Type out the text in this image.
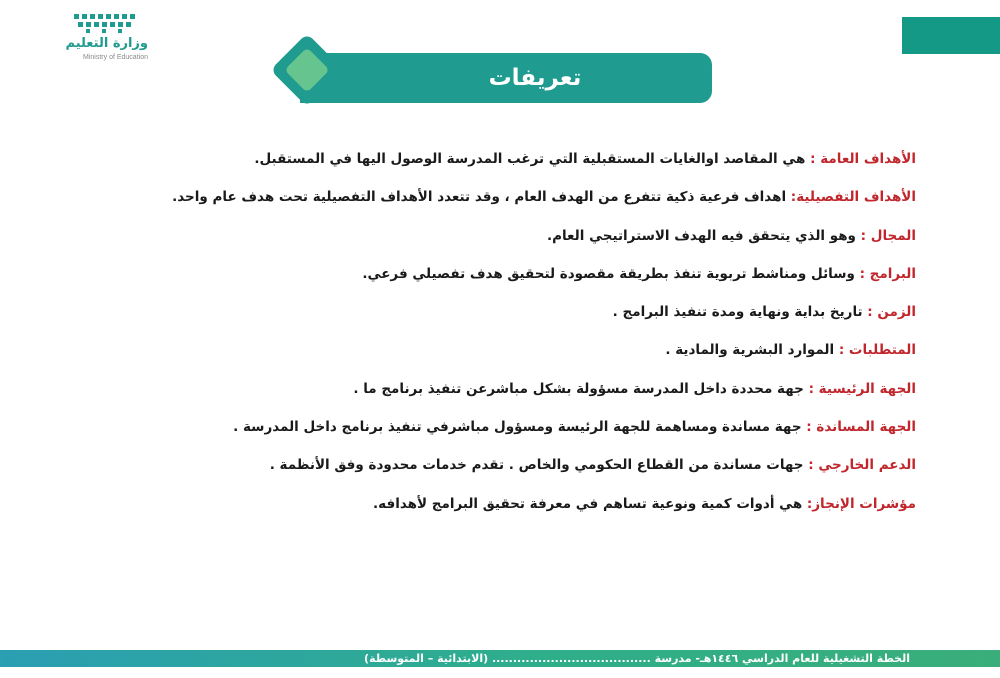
وزارة التعليم
Ministry of Education
تعريفات
الأهداف العامة : هي المقاصد اوالغايات المستقبلية التي ترغب المدرسة الوصول اليها في المستقبل.
الأهداف التفصيلية: اهداف فرعية ذكية تتفرع من الهدف العام ، وقد تتعدد الأهداف التفصيلية تحت هدف عام واحد.
المجال : وهو الذي يتحقق فيه الهدف الاستراتيجي العام.
البرامج : وسائل ومناشط تربوية تنفذ بطريقة مقصودة لتحقيق هدف تفصيلي فرعي.
الزمن : تاريخ بداية ونهاية ومدة تنفيذ البرامج .
المتطلبات : الموارد البشرية والمادية .
الجهة الرئيسية : جهة محددة داخل المدرسة مسؤولة بشكل مباشرعن تنفيذ برنامج ما .
الجهة المساندة : جهة مساندة ومساهمة للجهة الرئيسة ومسؤول مباشرفي تنفيذ برنامج داخل المدرسة .
الدعم الخارجي : جهات مساندة من القطاع الحكومي والخاص . تقدم خدمات محدودة وفق الأنظمة .
مؤشرات الإنجاز: هي أدوات كمية ونوعية تساهم في معرفة تحقيق البرامج لأهدافه.
الخطة التشغيلية للعام الدراسي ١٤٤٦هـ- مدرسة ...................................... (الابتدائية – المتوسطة)
